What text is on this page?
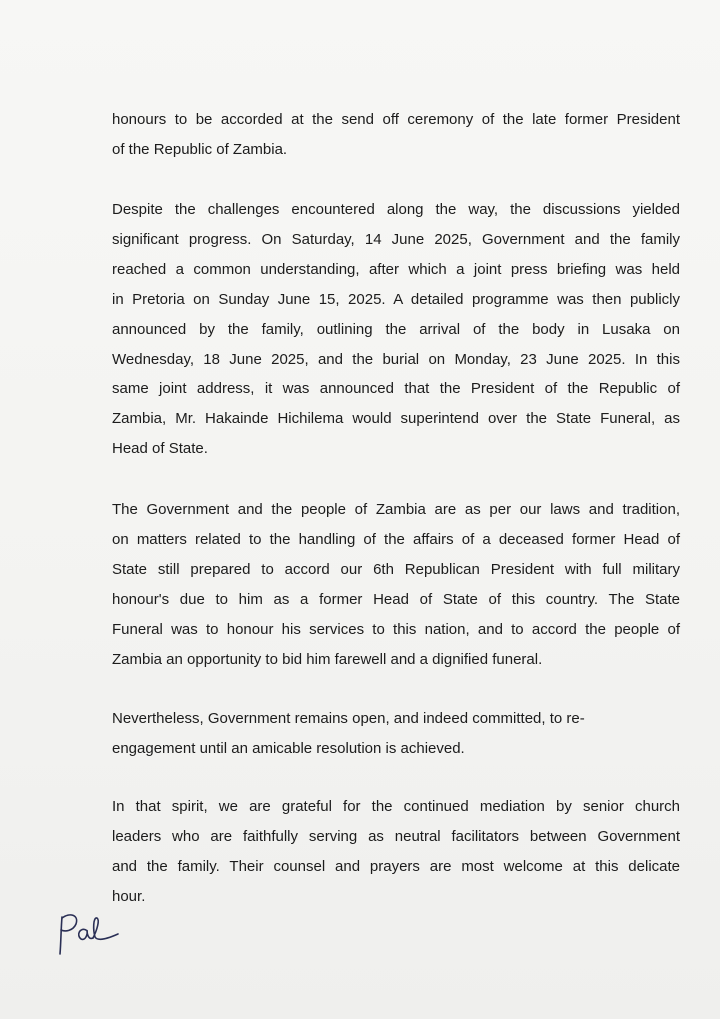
honours to be accorded at the send off ceremony of the late former President
of the Republic of Zambia.

Despite the challenges encountered along the way, the discussions yielded
significant progress. On Saturday, 14 June 2025, Government and the family
reached a common understanding, after which a joint press briefing was held
in Pretoria on Sunday June 15, 2025. A detailed programme was then publicly
announced by the family, outlining the arrival of the body in Lusaka on
Wednesday, 18 June 2025, and the burial on Monday, 23 June 2025. In this
same joint address, it was announced that the President of the Republic of
Zambia, Mr. Hakainde Hichilema would superintend over the State Funeral, as
Head of State.

The Government and the people of Zambia are as per our laws and tradition,
on matters related to the handling of the affairs of a deceased former Head of
State still prepared to accord our 6th Republican President with full military
honour's due to him as a former Head of State of this country. The State
Funeral was to honour his services to this nation, and to accord the people of
Zambia an opportunity to bid him farewell and a dignified funeral.

Nevertheless, Government remains open, and indeed committed, to re-
engagement until an amicable resolution is achieved.

In that spirit, we are grateful for the continued mediation by senior church
leaders who are faithfully serving as neutral facilitators between Government
and the family. Their counsel and prayers are most welcome at this delicate
hour.
